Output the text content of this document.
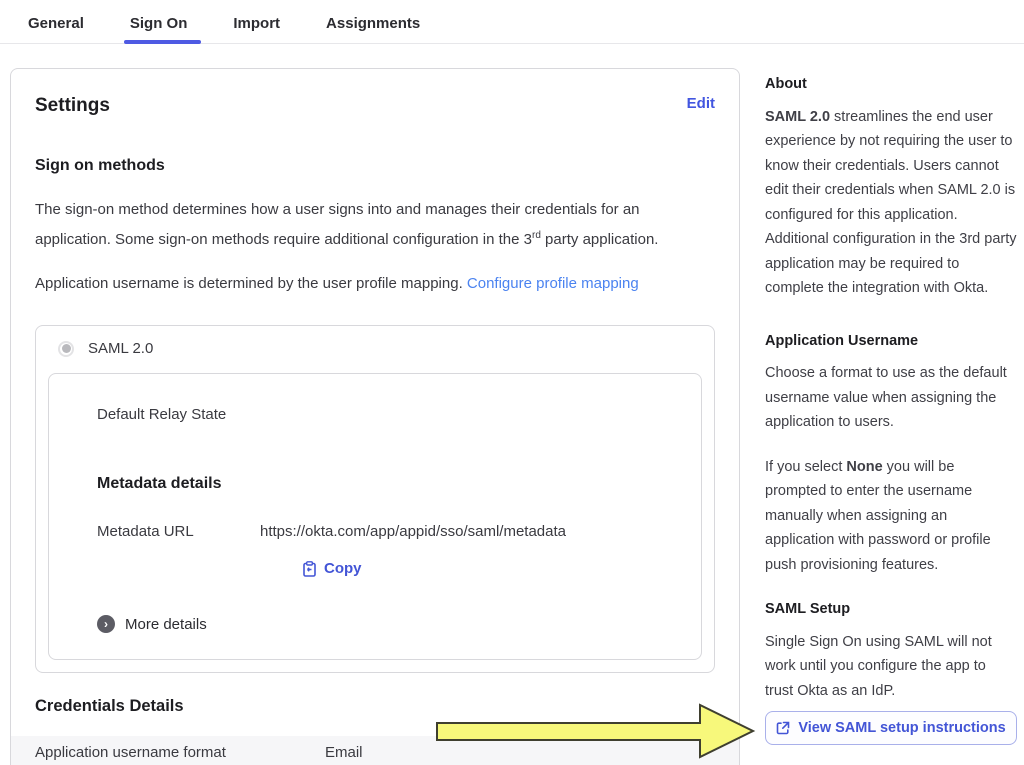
General	Sign On	Import	Assignments
Settings	Edit
Sign on methods

The sign-on method determines how a user signs into and manages their credentials for an application. Some sign-on methods require additional configuration in the 3rd party application.

Application username is determined by the user profile mapping. Configure profile mapping

SAML 2.0
Default Relay State
Metadata details
Metadata URL	https://okta.com/app/appid/sso/saml/metadata
Copy
›	More details
Credentials Details
Application username format	Email
About

SAML 2.0 streamlines the end user experience by not requiring the user to know their credentials. Users cannot edit their credentials when SAML 2.0 is configured for this application. Additional configuration in the 3rd party application may be required to complete the integration with Okta.

Application Username

Choose a format to use as the default username value when assigning the application to users.

If you select None you will be prompted to enter the username manually when assigning an application with password or profile push provisioning features.

SAML Setup

Single Sign On using SAML will not work until you configure the app to trust Okta as an IdP.

View SAML setup instructions
